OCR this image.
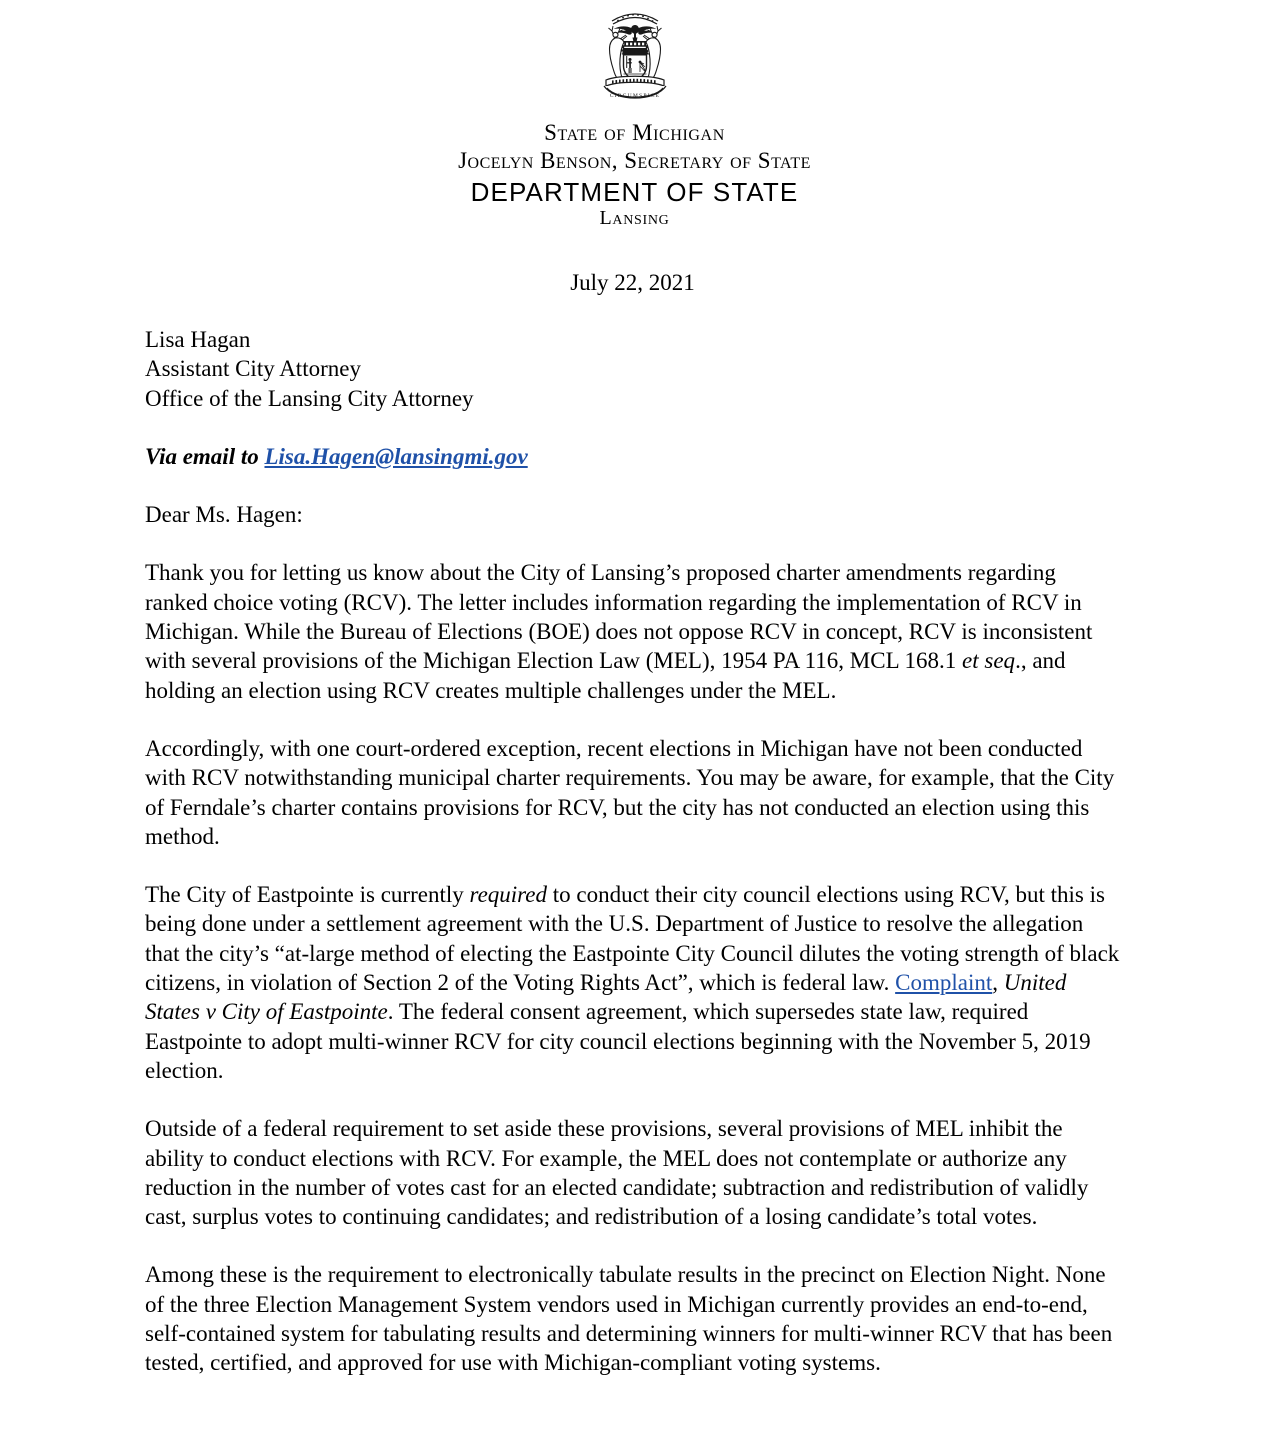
TUEBOR
CIRCUMSPICE
State of Michigan
Jocelyn Benson, Secretary of State
DEPARTMENT OF STATE
Lansing
July 22, 2021
Lisa Hagan
Assistant City Attorney
Office of the Lansing City Attorney
Via email to Lisa.Hagen@lansingmi.gov
Dear Ms. Hagen:

Thank you for letting us know about the City of Lansing’s proposed charter amendments regarding ranked choice voting (RCV). The letter includes information regarding the implementation of RCV in Michigan. While the Bureau of Elections (BOE) does not oppose RCV in concept, RCV is inconsistent with several provisions of the Michigan Election Law (MEL), 1954 PA 116, MCL 168.1 et seq., and holding an election using RCV creates multiple challenges under the MEL.

Accordingly, with one court-ordered exception, recent elections in Michigan have not been conducted with RCV notwithstanding municipal charter requirements. You may be aware, for example, that the City of Ferndale’s charter contains provisions for RCV, but the city has not conducted an election using this method.

The City of Eastpointe is currently required to conduct their city council elections using RCV, but this is being done under a settlement agreement with the U.S. Department of Justice to resolve the allegation that the city’s “at-large method of electing the Eastpointe City Council dilutes the voting strength of black citizens, in violation of Section 2 of the Voting Rights Act”, which is federal law. Complaint, United States v City of Eastpointe. The federal consent agreement, which supersedes state law, required Eastpointe to adopt multi-winner RCV for city council elections beginning with the November 5, 2019 election.

Outside of a federal requirement to set aside these provisions, several provisions of MEL inhibit the ability to conduct elections with RCV. For example, the MEL does not contemplate or authorize any reduction in the number of votes cast for an elected candidate; subtraction and redistribution of validly cast, surplus votes to continuing candidates; and redistribution of a losing candidate’s total votes.

Among these is the requirement to electronically tabulate results in the precinct on Election Night. None of the three Election Management System vendors used in Michigan currently provides an end-to-end, self-contained system for tabulating results and determining winners for multi-winner RCV that has been tested, certified, and approved for use with Michigan-compliant voting systems.
